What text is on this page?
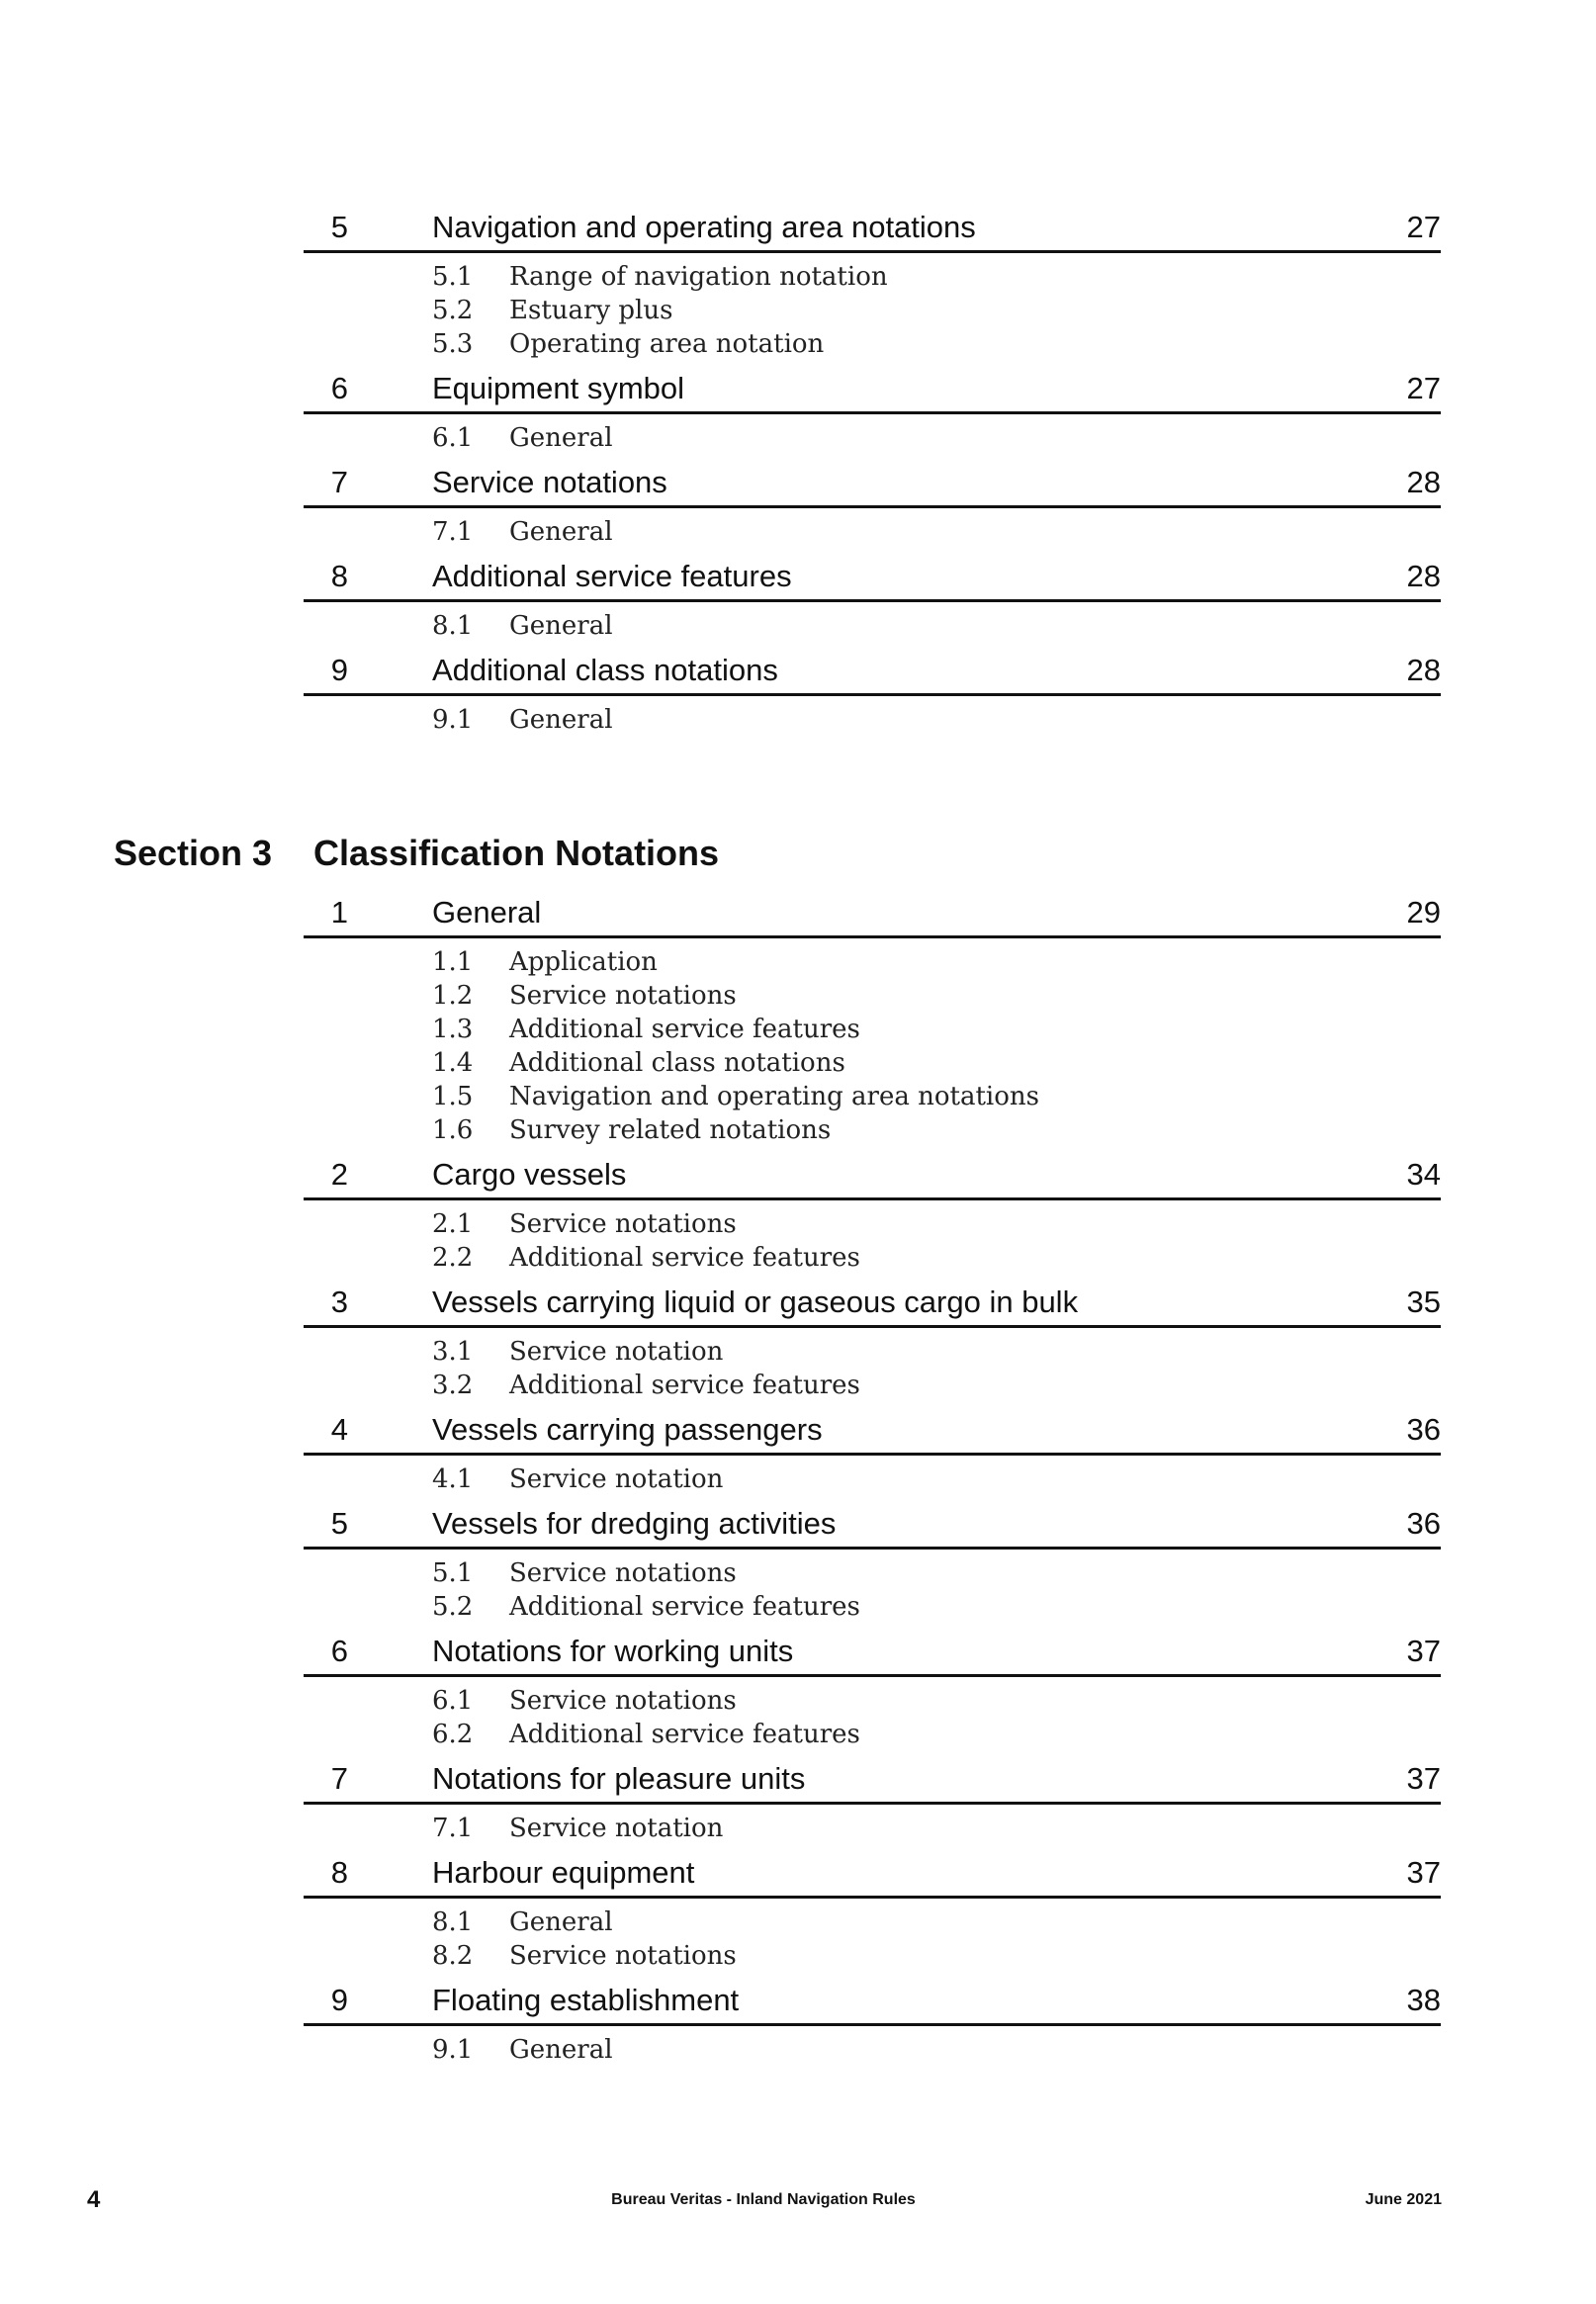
5	Navigation and operating area notations	27
5.1 Range of navigation notation
5.2 Estuary plus
5.3 Operating area notation
6	Equipment symbol	27
6.1 General
7	Service notations	28
7.1 General
8	Additional service features	28
8.1 General
9	Additional class notations	28
9.1 General
Section 3 Classification Notations
1	General	29
1.1 Application
1.2 Service notations
1.3 Additional service features
1.4 Additional class notations
1.5 Navigation and operating area notations
1.6 Survey related notations
2	Cargo vessels	34
2.1 Service notations
2.2 Additional service features
3	Vessels carrying liquid or gaseous cargo in bulk	35
3.1 Service notation
3.2 Additional service features
4	Vessels carrying passengers	36
4.1 Service notation
5	Vessels for dredging activities	36
5.1 Service notations
5.2 Additional service features
6	Notations for working units	37
6.1 Service notations
6.2 Additional service features
7	Notations for pleasure units	37
7.1 Service notation
8	Harbour equipment	37
8.1 General
8.2 Service notations
9	Floating establishment	38
9.1 General
4	Bureau Veritas - Inland Navigation Rules	June 2021
